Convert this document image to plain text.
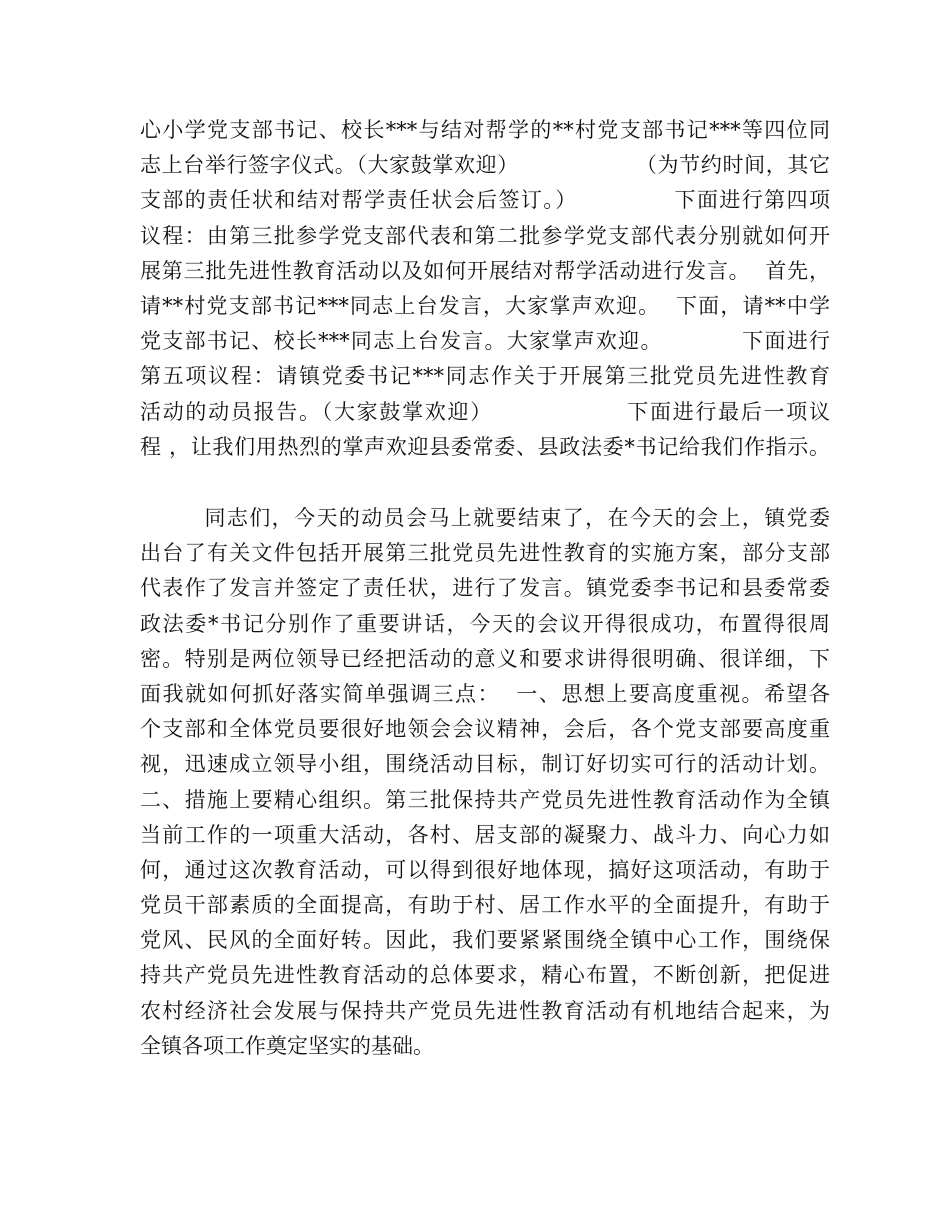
心小学党支部书记、校长***与结对帮学的**村党支部书记***等四位同
志上台举行签字仪式。（大家鼓掌欢迎）                （为节约时间，其它
支部的责任状和结对帮学责任状会后签订。）            下面进行第四项
议程：由第三批参学党支部代表和第二批参学党支部代表分别就如何开
展第三批先进性教育活动以及如何开展结对帮学活动进行发言。  首先，
请**村党支部书记***同志上台发言，大家掌声欢迎。  下面，请**中学
党支部书记、校长***同志上台发言。大家掌声欢迎。          下面进行
第五项议程：请镇党委书记***同志作关于开展第三批党员先进性教育
活动的动员报告。（大家鼓掌欢迎）                下面进行最后一项议
程 ，让我们用热烈的掌声欢迎县委常委、县政法委*书记给我们作指示。
同志们，今天的动员会马上就要结束了，在今天的会上，镇党委
出台了有关文件包括开展第三批党员先进性教育的实施方案，部分支部
代表作了发言并签定了责任状，进行了发言。镇党委李书记和县委常委
政法委*书记分别作了重要讲话，今天的会议开得很成功，布置得很周
密。特别是两位领导已经把活动的意义和要求讲得很明确、很详细，下
面我就如何抓好落实简单强调三点：  一、思想上要高度重视。希望各
个支部和全体党员要很好地领会会议精神，会后，各个党支部要高度重
视，迅速成立领导小组，围绕活动目标，制订好切实可行的活动计划。
二、措施上要精心组织。第三批保持共产党员先进性教育活动作为全镇
当前工作的一项重大活动，各村、居支部的凝聚力、战斗力、向心力如
何，通过这次教育活动，可以得到很好地体现，搞好这项活动，有助于
党员干部素质的全面提高，有助于村、居工作水平的全面提升，有助于
党风、民风的全面好转。因此，我们要紧紧围绕全镇中心工作，围绕保
持共产党员先进性教育活动的总体要求，精心布置，不断创新，把促进
农村经济社会发展与保持共产党员先进性教育活动有机地结合起来，为
全镇各项工作奠定坚实的基础。
